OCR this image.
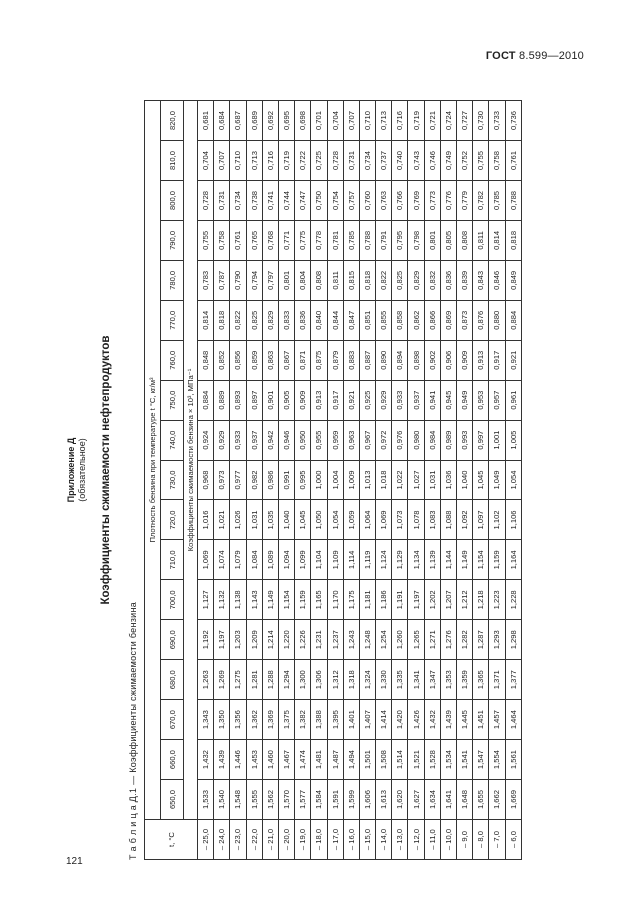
ГОСТ 8.599—2010
121
Приложение Д (обязательное) Коэффициенты сжимаемости нефтепродуктов
Т а б л и ц а Д.1 — Коэффициенты сжимаемости бензина	t, °C	Плотность бензина при температуре t °C, кг/м³																	
	650,0	660,0	670,0	680,0	690,0	700,0	710,0	720,0	730,0	740,0	750,0	760,0	770,0	780,0	790,0	800,0	810,0	820,0
	Коэффициенты сжимаемости бензина × 10³, МПа⁻¹																	
– 25,0	1,533	1,432	1,343	1,263	1,192	1,127	1,069	1,016	0,968	0,924	0,884	0,848	0,814	0,783	0,755	0,728	0,704	0,681
– 24,0	1,540	1,439	1,350	1,269	1,197	1,132	1,074	1,021	0,973	0,929	0,889	0,852	0,818	0,787	0,758	0,731	0,707	0,684
– 23,0	1,548	1,446	1,356	1,275	1,203	1,138	1,079	1,026	0,977	0,933	0,893	0,856	0,822	0,790	0,761	0,734	0,710	0,687
– 22,0	1,555	1,453	1,362	1,281	1,209	1,143	1,084	1,031	0,982	0,937	0,897	0,859	0,825	0,794	0,765	0,738	0,713	0,689
– 21,0	1,562	1,460	1,369	1,288	1,214	1,149	1,089	1,035	0,986	0,942	0,901	0,863	0,829	0,797	0,768	0,741	0,716	0,692
– 20,0	1,570	1,467	1,375	1,294	1,220	1,154	1,094	1,040	0,991	0,946	0,905	0,867	0,833	0,801	0,771	0,744	0,719	0,695
– 19,0	1,577	1,474	1,382	1,300	1,226	1,159	1,099	1,045	0,995	0,950	0,909	0,871	0,836	0,804	0,775	0,747	0,722	0,698
– 18,0	1,584	1,481	1,388	1,306	1,231	1,165	1,104	1,050	1,000	0,955	0,913	0,875	0,840	0,808	0,778	0,750	0,725	0,701
– 17,0	1,591	1,487	1,395	1,312	1,237	1,170	1,109	1,054	1,004	0,959	0,917	0,879	0,844	0,811	0,781	0,754	0,728	0,704
– 16,0	1,599	1,494	1,401	1,318	1,243	1,175	1,114	1,059	1,009	0,963	0,921	0,883	0,847	0,815	0,785	0,757	0,731	0,707
– 15,0	1,606	1,501	1,407	1,324	1,248	1,181	1,119	1,064	1,013	0,967	0,925	0,887	0,851	0,818	0,788	0,760	0,734	0,710
– 14,0	1,613	1,508	1,414	1,330	1,254	1,186	1,124	1,069	1,018	0,972	0,929	0,890	0,855	0,822	0,791	0,763	0,737	0,713
– 13,0	1,620	1,514	1,420	1,335	1,260	1,191	1,129	1,073	1,022	0,976	0,933	0,894	0,858	0,825	0,795	0,766	0,740	0,716
– 12,0	1,627	1,521	1,426	1,341	1,265	1,197	1,134	1,078	1,027	0,980	0,937	0,898	0,862	0,829	0,798	0,769	0,743	0,719
– 11,0	1,634	1,528	1,432	1,347	1,271	1,202	1,139	1,083	1,031	0,984	0,941	0,902	0,866	0,832	0,801	0,773	0,746	0,721
– 10,0	1,641	1,534	1,439	1,353	1,276	1,207	1,144	1,088	1,036	0,989	0,945	0,906	0,869	0,836	0,805	0,776	0,749	0,724
– 9,0	1,648	1,541	1,445	1,359	1,282	1,212	1,149	1,092	1,040	0,993	0,949	0,909	0,873	0,839	0,808	0,779	0,752	0,727
– 8,0	1,655	1,547	1,451	1,365	1,287	1,218	1,154	1,097	1,045	0,997	0,953	0,913	0,876	0,843	0,811	0,782	0,755	0,730
– 7,0	1,662	1,554	1,457	1,371	1,293	1,223	1,159	1,102	1,049	1,001	0,957	0,917	0,880	0,846	0,814	0,785	0,758	0,733
– 6,0	1,669	1,561	1,464	1,377	1,298	1,228	1,164	1,106	1,054	1,005	0,961	0,921	0,884	0,849	0,818	0,788	0,761	0,736
